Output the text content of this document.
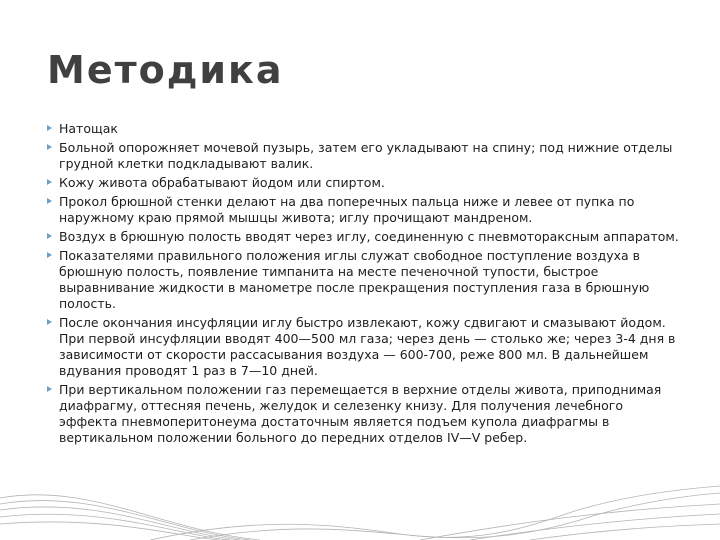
Методика
Натощак
Больной опорожняет мочевой пузырь, затем его укладывают на спину; под нижние отделы грудной клетки подкладывают валик.
Кожу живота обрабатывают йодом или спиртом.
Прокол брюшной стенки делают на два поперечных пальца ниже и левее от пупка по наружному краю прямой мышцы живота; иглу прочищают мандреном.
Воздух в брюшную полость вводят через иглу, соединенную с пневмотораксным аппаратом.
Показателями правильного положения иглы служат свободное поступление воздуха в брюшную полость, появление тимпанита на месте печеночной тупости, быстрое выравнивание жидкости в манометре после прекращения поступления газа в брюшную полость.
После окончания инсуфляции иглу быстро извлекают, кожу сдвигают и смазывают йодом. При первой инсуфляции вводят 400—500 мл газа; через день — столько же; через 3-4 дня в зависимости от скорости рассасывания воздуха — 600-700, реже 800 мл. В дальнейшем вдувания проводят 1 раз в 7—10 дней.
При вертикальном положении газ перемещается в верхние отделы живота, приподнимая диафрагму, оттесняя печень, желудок и селезенку книзу. Для получения лечебного эффекта пневмоперитонеума достаточным является подъем купола диафрагмы в вертикальном положении больного до передних отделов IV—V ребер.
